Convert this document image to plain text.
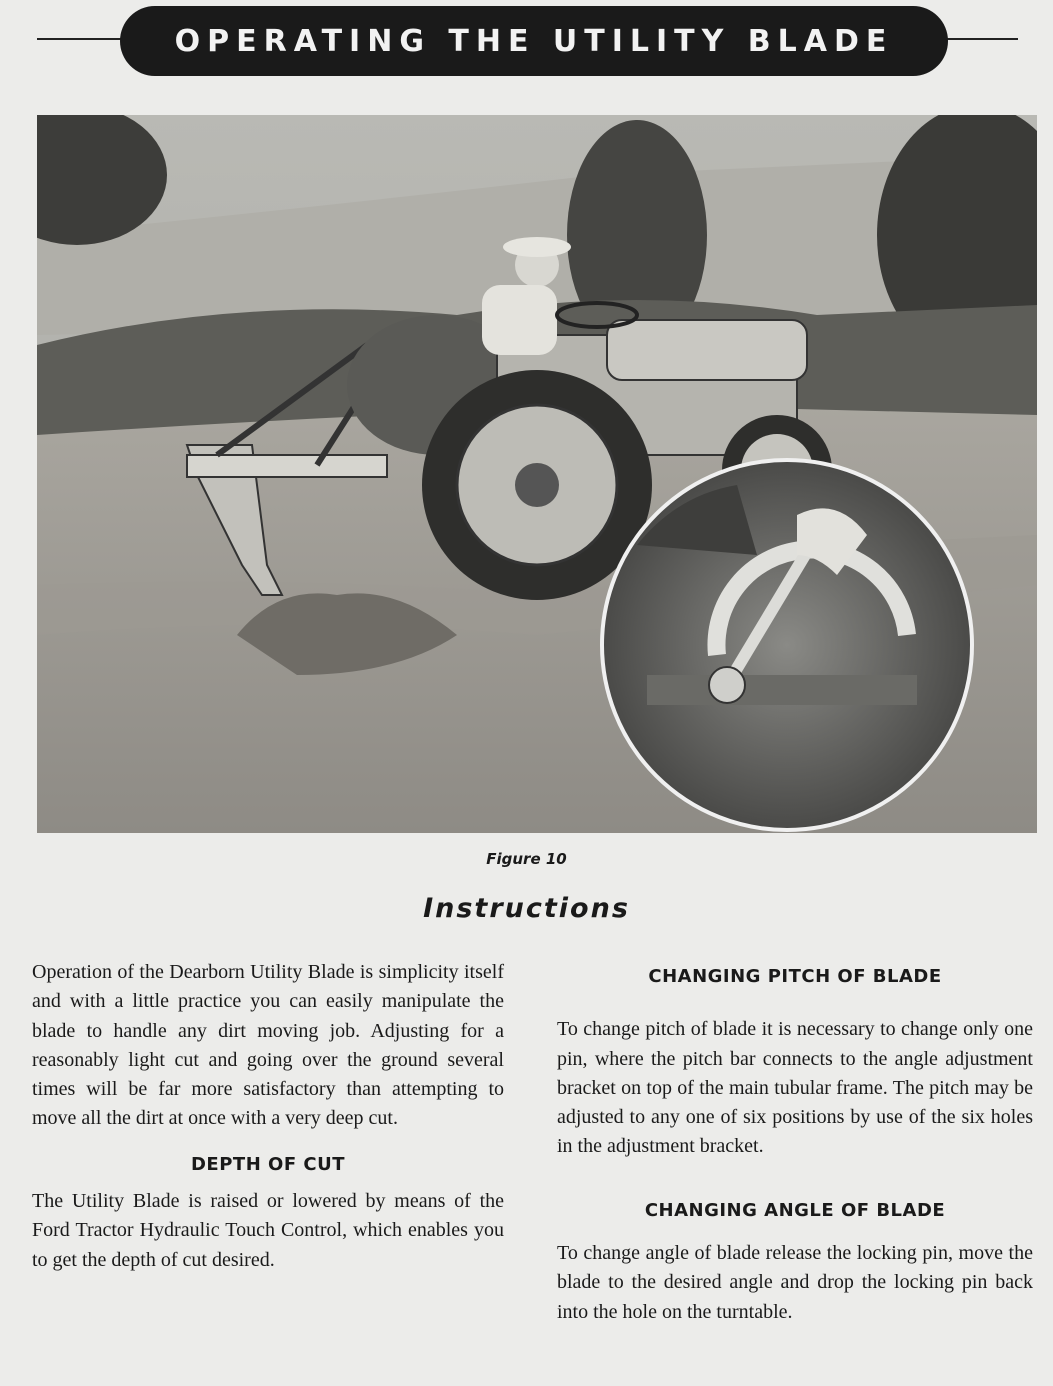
OPERATING THE UTILITY BLADE
Figure 10
Instructions

Operation of the Dearborn Utility Blade is simplicity itself and with a little practice you can easily manipulate the blade to handle any dirt moving job. Adjusting for a reasonably light cut and going over the ground several times will be far more satisfactory than attempting to move all the dirt at once with a very deep cut.

DEPTH OF CUT

The Utility Blade is raised or lowered by means of the Ford Tractor Hydraulic Touch Control, which enables you to get the depth of cut desired.

CHANGING PITCH OF BLADE

To change pitch of blade it is necessary to change only one pin, where the pitch bar connects to the angle adjustment bracket on top of the main tubular frame. The pitch may be adjusted to any one of six positions by use of the six holes in the adjustment bracket.

CHANGING ANGLE OF BLADE

To change angle of blade release the locking pin, move the blade to the desired angle and drop the locking pin back into the hole on the turntable.
